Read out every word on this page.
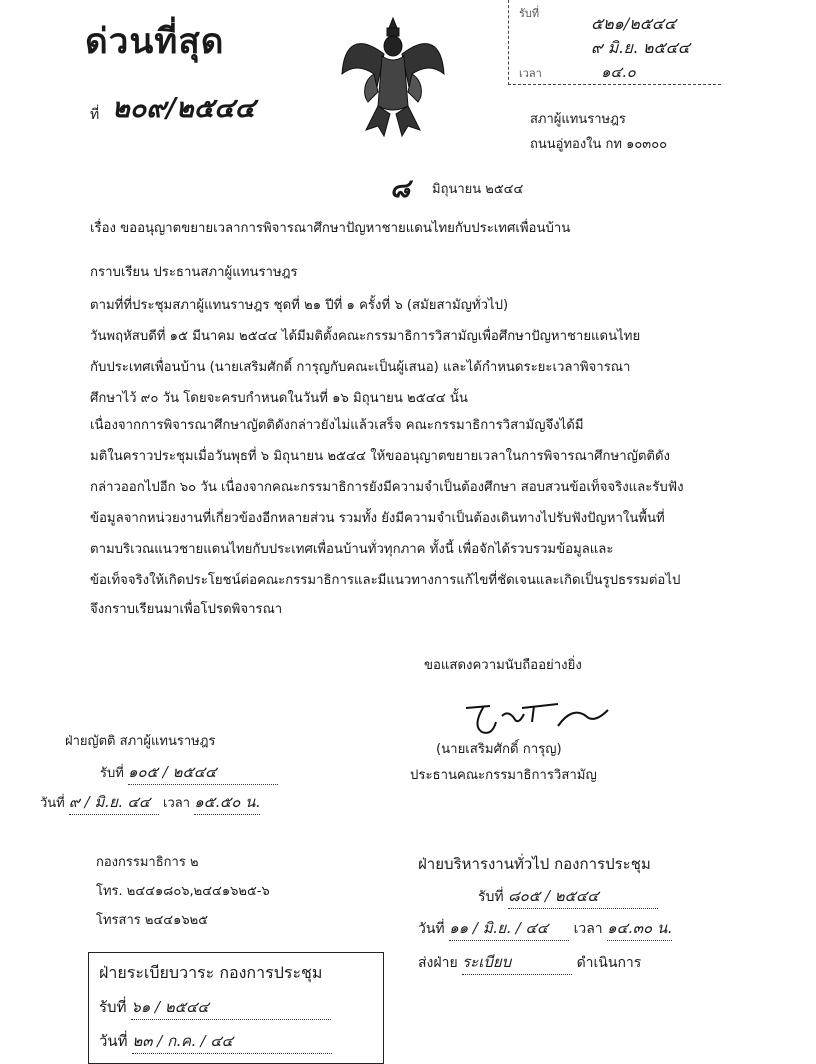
ด่วนที่สุด
ที่ ๒๐๙/๒๕๔๔
รับที่
๕๒๑/๒๕๔๔
๙ มิ.ย. ๒๕๔๔
เวลา	๑๔.๐
สภาผู้แทนราษฎร
ถนนอู่ทองใน กท ๑๐๓๐๐
๘ มิถุนายน ๒๕๔๔
เรื่อง ขออนุญาตขยายเวลาการพิจารณาศึกษาปัญหาชายแดนไทยกับประเทศเพื่อนบ้าน
กราบเรียน ประธานสภาผู้แทนราษฎร

ตามที่ที่ประชุมสภาผู้แทนราษฎร ชุดที่ ๒๑ ปีที่ ๑ ครั้งที่ ๖ (สมัยสามัญทั่วไป)

วันพฤหัสบดีที่ ๑๕ มีนาคม ๒๕๔๔ ได้มีมติตั้งคณะกรรมาธิการวิสามัญเพื่อศึกษาปัญหาชายแดนไทย

กับประเทศเพื่อนบ้าน (นายเสริมศักดิ์ การุญกับคณะเป็นผู้เสนอ) และได้กำหนดระยะเวลาพิจารณา

ศึกษาไว้ ๙๐ วัน โดยจะครบกำหนดในวันที่ ๑๖ มิถุนายน ๒๕๔๔ นั้น

เนื่องจากการพิจารณาศึกษาญัตติดังกล่าวยังไม่แล้วเสร็จ คณะกรรมาธิการวิสามัญจึงได้มี

มติในคราวประชุมเมื่อวันพุธที่ ๖ มิถุนายน ๒๕๔๔ ให้ขออนุญาตขยายเวลาในการพิจารณาศึกษาญัตติดัง

กล่าวออกไปอีก ๖๐ วัน เนื่องจากคณะกรรมาธิการยังมีความจำเป็นต้องศึกษา สอบสวนข้อเท็จจริงและรับฟัง

ข้อมูลจากหน่วยงานที่เกี่ยวข้องอีกหลายส่วน รวมทั้ง ยังมีความจำเป็นต้องเดินทางไปรับฟังปัญหาในพื้นที่

ตามบริเวณแนวชายแดนไทยกับประเทศเพื่อนบ้านทั่วทุกภาค ทั้งนี้ เพื่อจักได้รวบรวมข้อมูลและ

ข้อเท็จจริงให้เกิดประโยชน์ต่อคณะกรรมาธิการและมีแนวทางการแก้ไขที่ชัดเจนและเกิดเป็นรูปธรรมต่อไป

จึงกราบเรียนมาเพื่อโปรดพิจารณา
ขอแสดงความนับถืออย่างยิ่ง
(นายเสริมศักดิ์ การุญ)
ประธานคณะกรรมาธิการวิสามัญ
ฝ่ายญัตติ สภาผู้แทนราษฎร
รับที่ ๑๐๕ / ๒๕๔๔
วันที่ ๙ / มิ.ย. ๔๔ เวลา ๑๕.๕๐ น.

กองกรรมาธิการ ๒

โทร. ๒๔๔๑๘๐๖,๒๔๔๑๖๒๕-๖

โทรสาร ๒๔๔๑๖๒๕

ฝ่ายบริหารงานทั่วไป กองการประชุม
รับที่ ๘๐๕ / ๒๕๔๔
วันที่ ๑๑ / มิ.ย. / ๔๔ เวลา ๑๔.๓๐ น.
ส่งฝ่าย ระเบียบ	ดำเนินการ
ฝ่ายระเบียบวาระ กองการประชุม
รับที่ ๖๑ / ๒๕๔๔
วันที่ ๒๓ / ก.ค. / ๔๔
